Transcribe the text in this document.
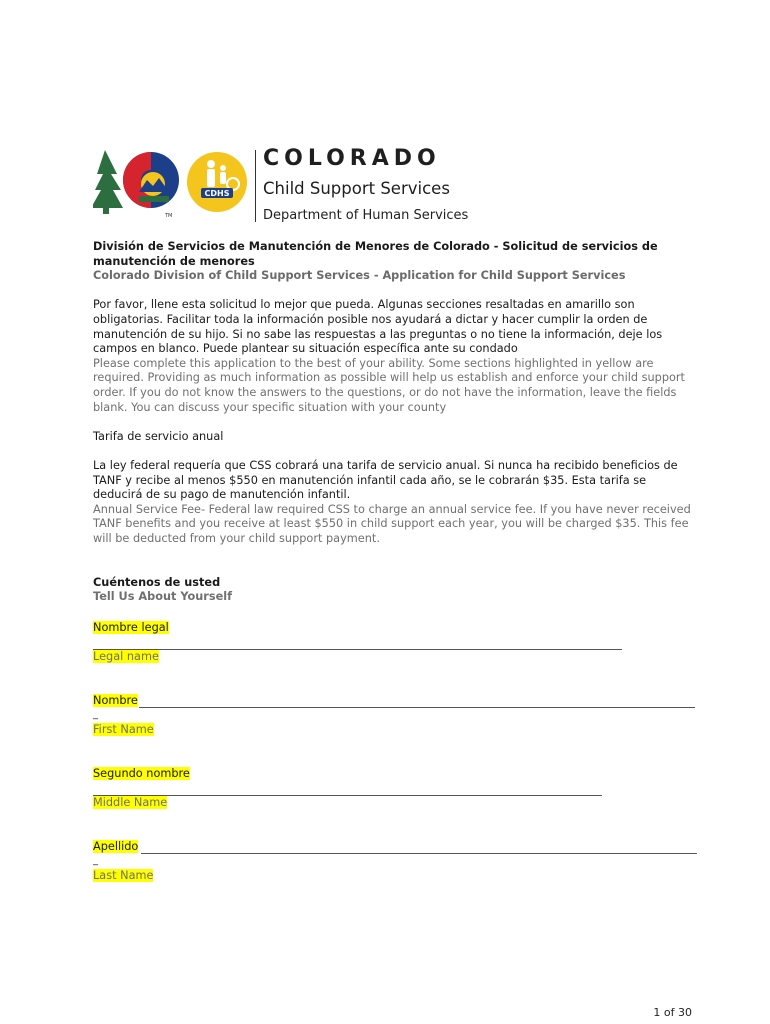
TM
CDHS
COLORADO
Child Support Services
Department of Human Services

División de Servicios de Manutención de Menores de Colorado - Solicitud de servicios de manutención de menores

Colorado Division of Child Support Services - Application for Child Support Services

Por favor, llene esta solicitud lo mejor que pueda. Algunas secciones resaltadas en amarillo son obligatorias. Facilitar toda la información posible nos ayudará a dictar y hacer cumplir la orden de manutención de su hijo. Si no sabe las respuestas a las preguntas o no tiene la información, deje los campos en blanco. Puede plantear su situación específica ante su condado

Please complete this application to the best of your ability. Some sections highlighted in yellow are required. Providing as much information as possible will help us establish and enforce your child support order. If you do not know the answers to the questions, or do not have the information, leave the fields blank. You can discuss your specific situation with your county

Tarifa de servicio anual

La ley federal requería que CSS cobrará una tarifa de servicio anual. Si nunca ha recibido beneficios de TANF y recibe al menos $550 en manutención infantil cada año, se le cobrarán $35. Esta tarifa se deducirá de su pago de manutención infantil.

Annual Service Fee- Federal law required CSS to charge an annual service fee. If you have never received TANF benefits and you receive at least $550 in child support each year, you will be charged $35. This fee will be deducted from your child support payment.

Cuéntenos de usted

Tell Us About Yourself

Nombre legal
Legal name
Nombre
_
First Name
Segundo nombre
Middle Name
Apellido
_
Last Name
1 of 30
